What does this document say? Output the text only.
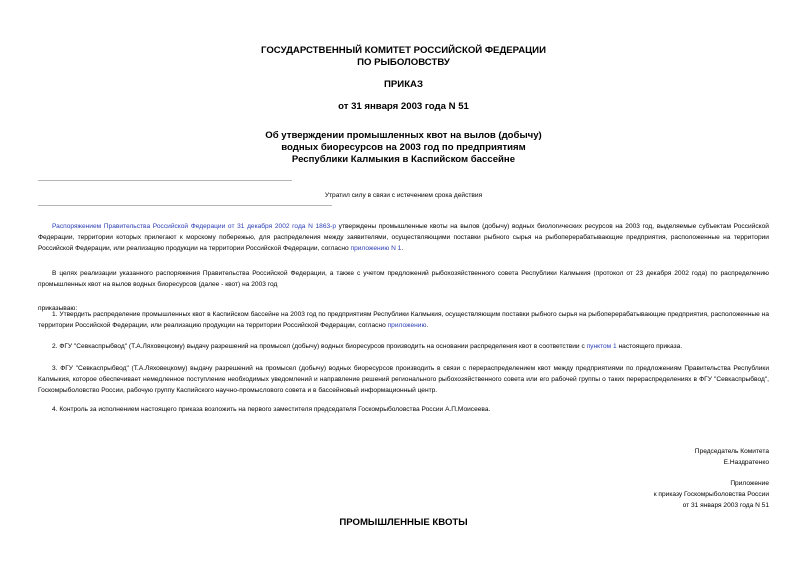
ГОСУДАРСТВЕННЫЙ КОМИТЕТ РОССИЙСКОЙ ФЕДЕРАЦИИ
ПО РЫБОЛОВСТВУ
ПРИКАЗ
от 31 января 2003 года N 51
Об утверждении промышленных квот на вылов (добычу)
водных биоресурсов на 2003 год по предприятиям
Республики Калмыкия в Каспийском бассейне
Утратил силу в связи с истечением срока действия

Распоряжением Правительства Российской Федерации от 31 декабря 2002 года N 1863-р утверждены промышленные квоты на вылов (добычу) водных биологических ресурсов на 2003 год, выделяемые субъектам Российской Федерации, территории которых прилегают к морскому побережью, для распределения между заявителями, осуществляющими поставки рыбного сырья на рыбоперерабатывающие предприятия, расположенные на территории Российской Федерации, или реализацию продукции на территории Российской Федерации, согласно приложению N 1.

В целях реализации указанного распоряжения Правительства Российской Федерации, а также с учетом предложений рыбохозяйственного совета Республики Калмыкия (протокол от 23 декабря 2002 года) по распределению промышленных квот на вылов водных биоресурсов (далее - квот) на 2003 год

приказываю:

1. Утвердить распределение промышленных квот в Каспийском бассейне на 2003 год по предприятиям Республики Калмыкия, осуществляющим поставки рыбного сырья на рыбоперерабатывающие предприятия, расположенные на территории Российской Федерации, или реализацию продукции на территории Российской Федерации, согласно приложению.

2. ФГУ "Севкаспрыбвод" (Т.А.Ляховецкому) выдачу разрешений на промысел (добычу) водных биоресурсов производить на основании распределения квот в соответствии с пунктом 1 настоящего приказа.

3. ФГУ "Севкаспрыбвод" (Т.А.Ляховецкому) выдачу разрешений на промысел (добычу) водных биоресурсов производить в связи с перераспределением квот между предприятиями по предложениям Правительства Республики Калмыкия, которое обеспечивает немедленное поступление необходимых уведомлений и направление решений регионального рыбохозяйственного совета или его рабочей группы о таких перераспределениях в ФГУ "Севкаспрыбвод", Госкомрыболовство России, рабочую группу Каспийского научно-промыслового совета и в бассейновый информационный центр.

4. Контроль за исполнением настоящего приказа возложить на первого заместителя председателя Госкомрыболовства России А.П.Моисеева.

Председатель Комитета
Е.Наздратенко
Приложение
к приказу Госкомрыболовства России
от 31 января 2003 года N 51
ПРОМЫШЛЕННЫЕ КВОТЫ
